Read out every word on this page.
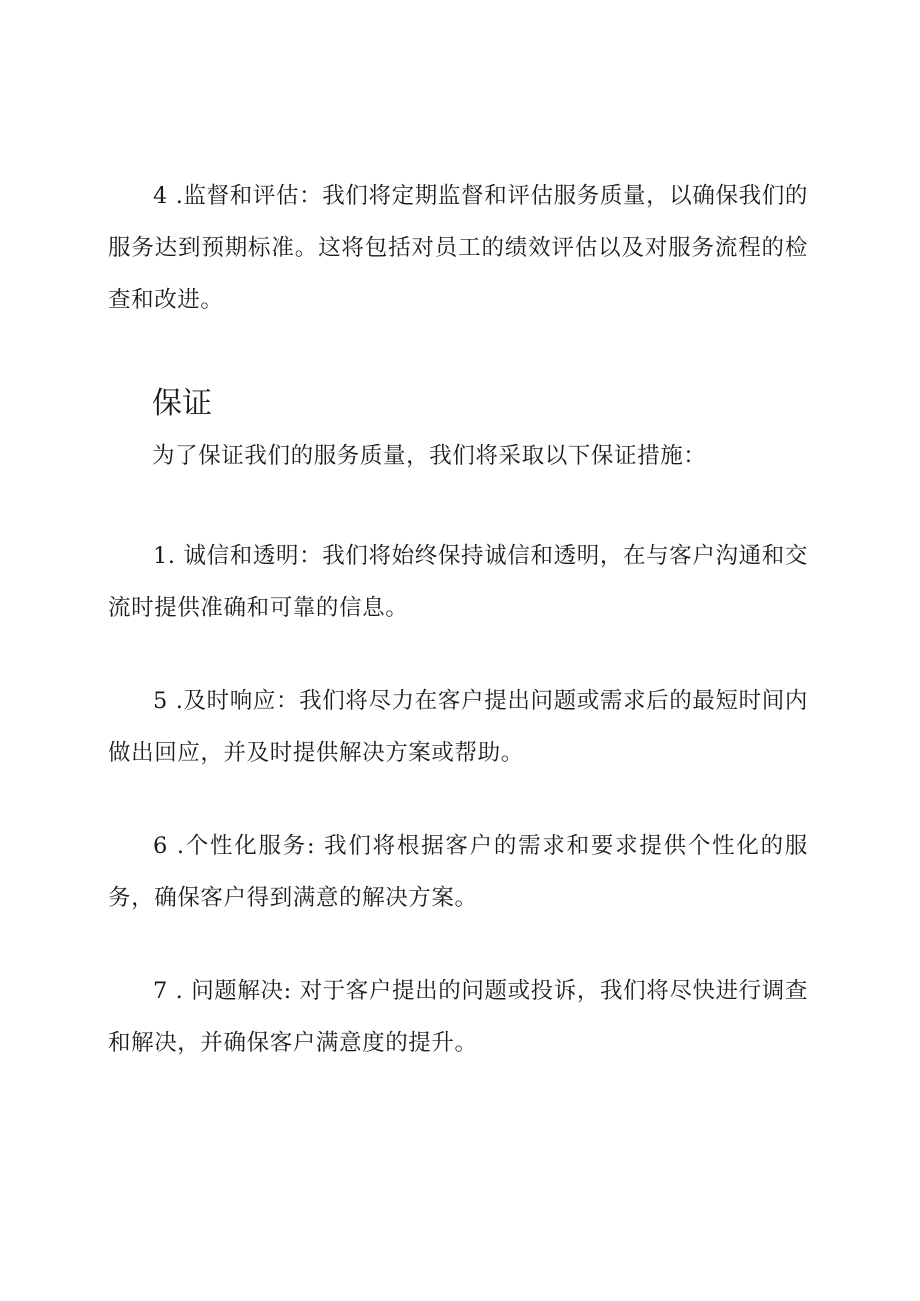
4 .监督和评估：我们将定期监督和评估服务质量，以确保我们的服务达到预期标准。这将包括对员工的绩效评估以及对服务流程的检查和改进。

保证

为了保证我们的服务质量，我们将采取以下保证措施：

1. 诚信和透明：我们将始终保持诚信和透明，在与客户沟通和交流时提供准确和可靠的信息。

5 .及时响应：我们将尽力在客户提出问题或需求后的最短时间内做出回应，并及时提供解决方案或帮助。

6 .个性化服务: 我们将根据客户的需求和要求提供个性化的服务，确保客户得到满意的解决方案。

7 . 问题解决: 对于客户提出的问题或投诉，我们将尽快进行调查和解决，并确保客户满意度的提升。
